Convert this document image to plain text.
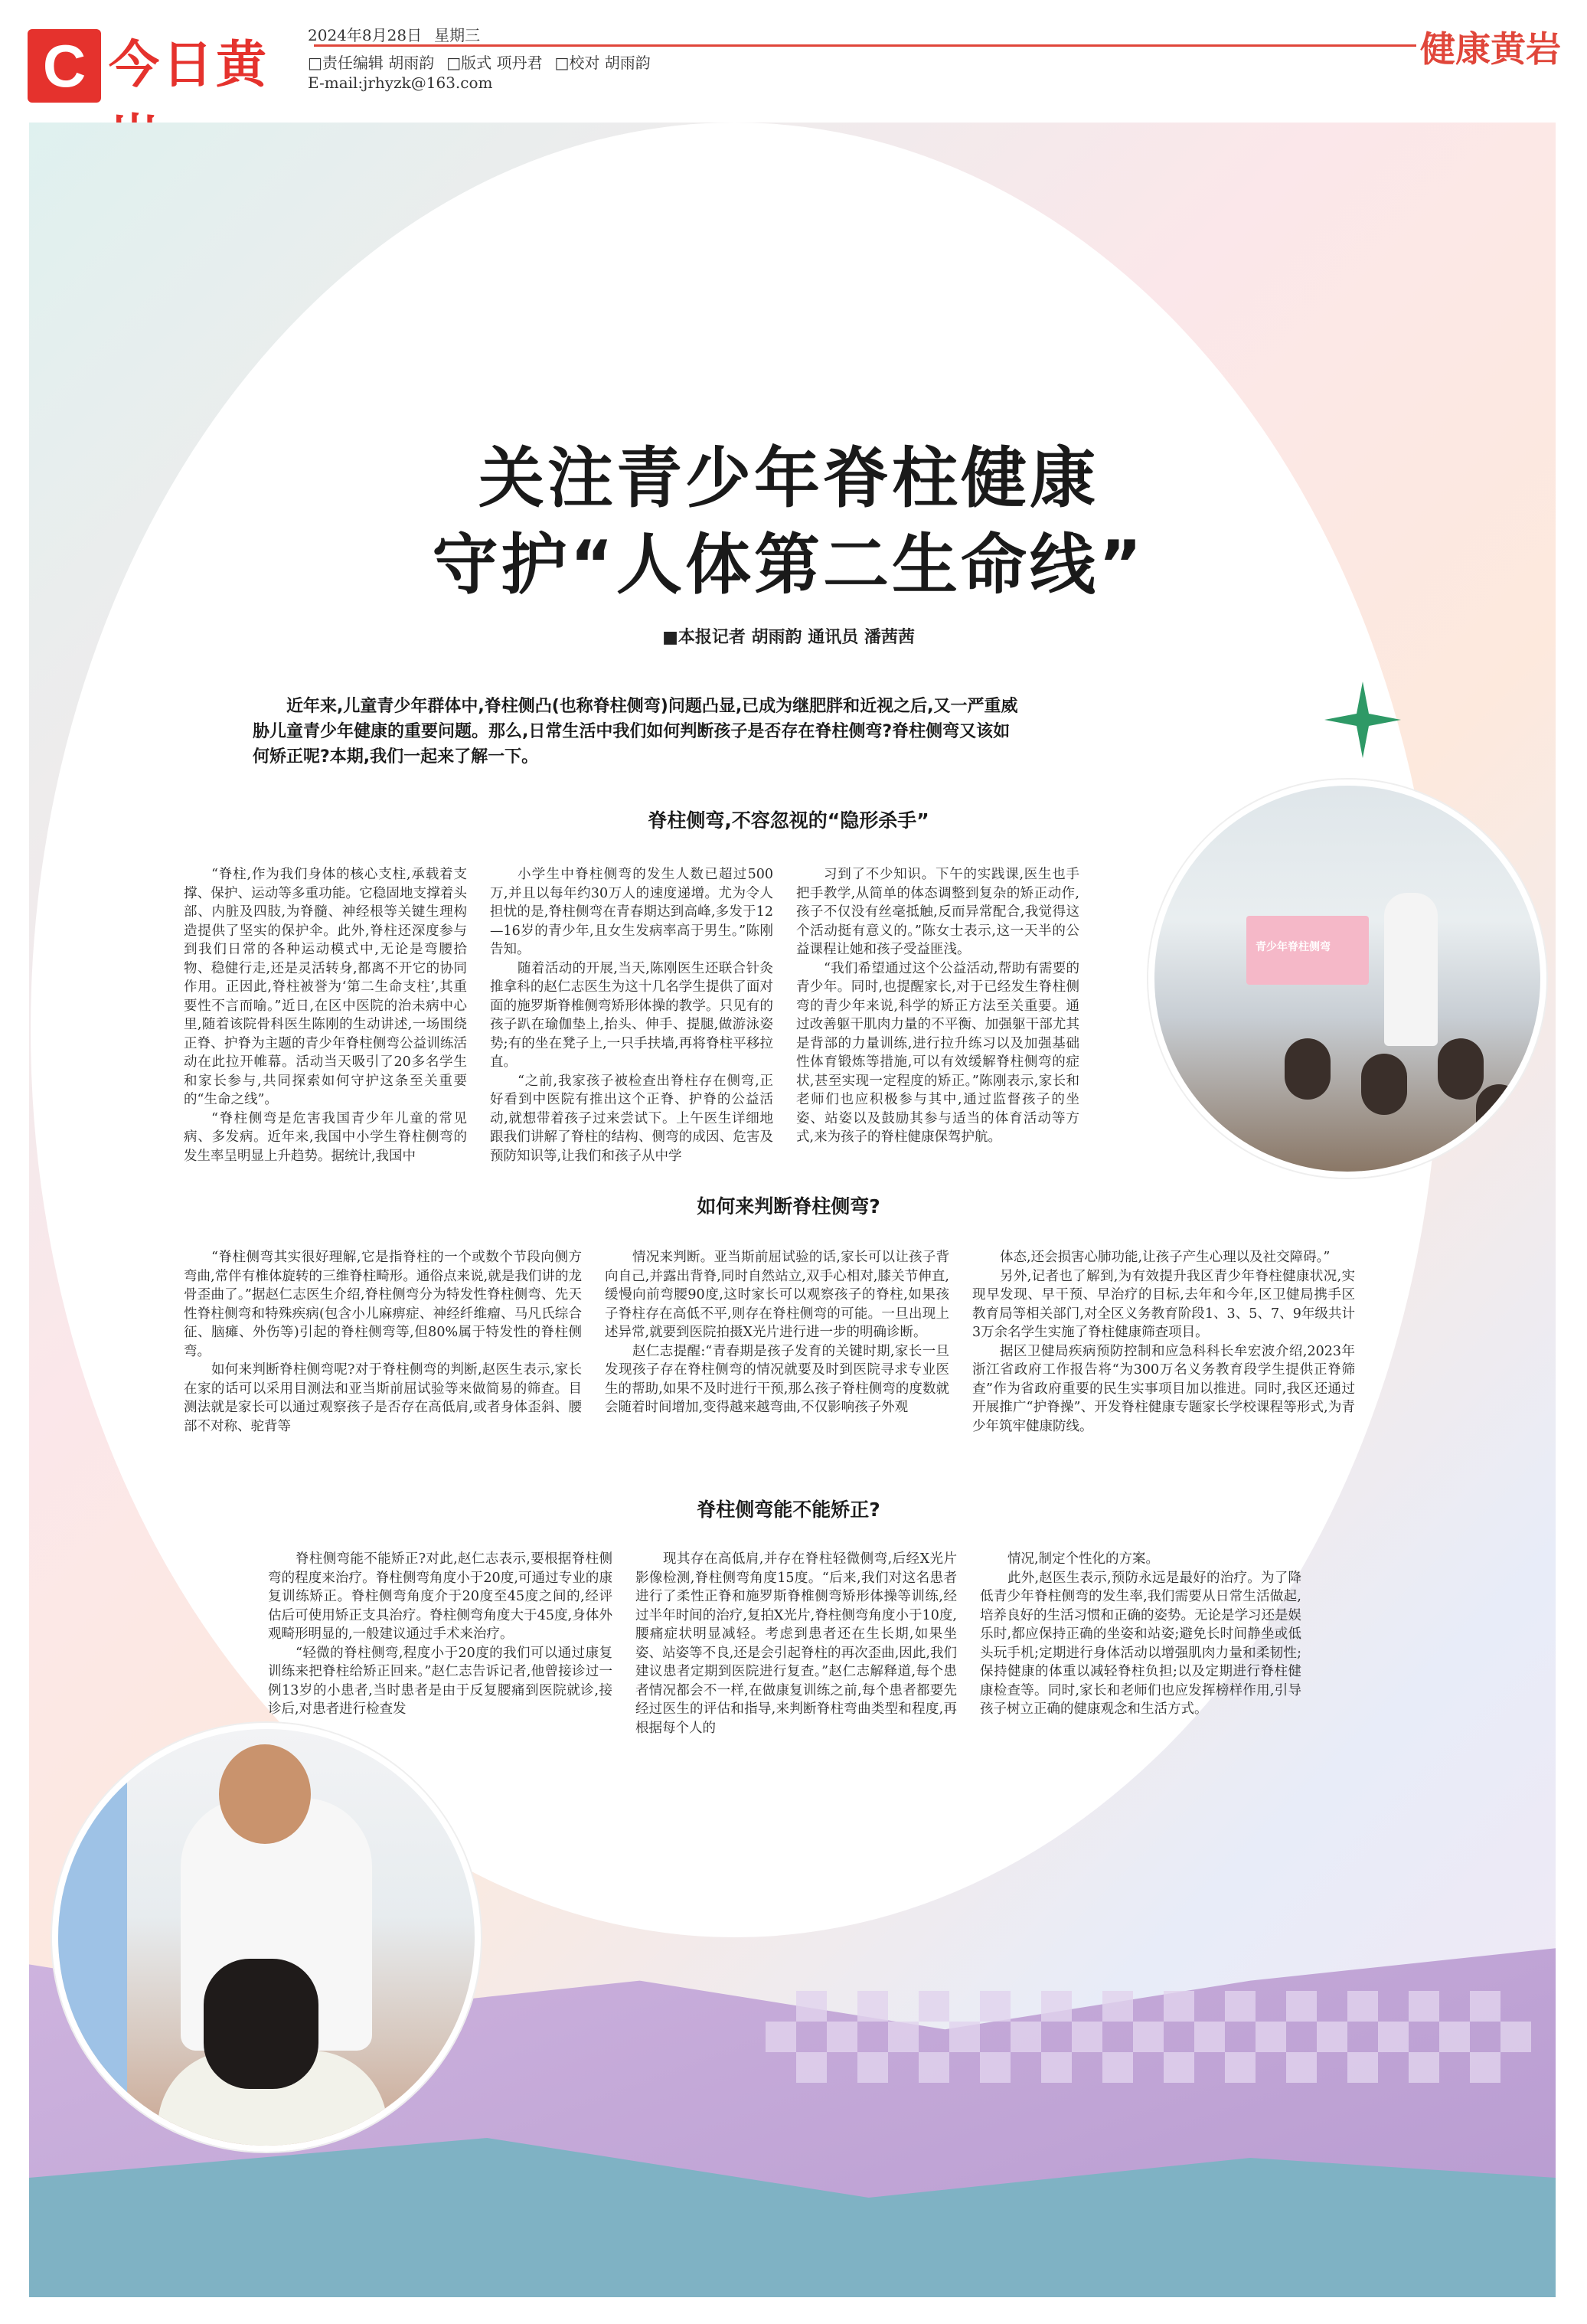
C 今日黄	2024年8月28日 星期三
□责任编辑 胡雨韵 □版式 项丹君 □校对 胡雨韵
E-mail:jrhyzk@163.com
健康黄岩
关注青少年脊柱健康
守护“人体第二生命线”
■本报记者 胡雨韵 通讯员 潘茜茜
近年来,儿童青少年群体中,脊柱侧凸(也称脊柱侧弯)问题凸显,已成为继肥胖和近视之后,又一严重威胁儿童青少年健康的重要问题。那么,日常生活中我们如何判断孩子是否存在脊柱侧弯?脊柱侧弯又该如何矫正呢?本期,我们一起来了解一下。
脊柱侧弯,不容忽视的“隐形杀手”

“脊柱,作为我们身体的核心支柱,承载着支撑、保护、运动等多重功能。它稳固地支撑着头部、内脏及四肢,为脊髓、神经根等关键生理构造提供了坚实的保护伞。此外,脊柱还深度参与到我们日常的各种运动模式中,无论是弯腰拾物、稳健行走,还是灵活转身,都离不开它的协同作用。正因此,脊柱被誉为‘第二生命支柱’,其重要性不言而喻。”近日,在区中医院的治未病中心里,随着该院骨科医生陈刚的生动讲述,一场围绕正脊、护脊为主题的青少年脊柱侧弯公益训练活动在此拉开帷幕。活动当天吸引了20多名学生和家长参与,共同探索如何守护这条至关重要的“生命之线”。

“脊柱侧弯是危害我国青少年儿童的常见病、多发病。近年来,我国中小学生脊柱侧弯的发生率呈明显上升趋势。据统计,我国中

小学生中脊柱侧弯的发生人数已超过500万,并且以每年约30万人的速度递增。尤为令人担忧的是,脊柱侧弯在青春期达到高峰,多发于12—16岁的青少年,且女生发病率高于男生。”陈刚告知。

随着活动的开展,当天,陈刚医生还联合针灸推拿科的赵仁志医生为这十几名学生提供了面对面的施罗斯脊椎侧弯矫形体操的教学。只见有的孩子趴在瑜伽垫上,抬头、伸手、提腿,做游泳姿势;有的坐在凳子上,一只手扶墙,再将脊柱平移拉直。

“之前,我家孩子被检查出脊柱存在侧弯,正好看到中医院有推出这个正脊、护脊的公益活动,就想带着孩子过来尝试下。上午医生详细地跟我们讲解了脊柱的结构、侧弯的成因、危害及预防知识等,让我们和孩子从中学

习到了不少知识。下午的实践课,医生也手把手教学,从简单的体态调整到复杂的矫正动作,孩子不仅没有丝毫抵触,反而异常配合,我觉得这个活动挺有意义的。”陈女士表示,这一天半的公益课程让她和孩子受益匪浅。

“我们希望通过这个公益活动,帮助有需要的青少年。同时,也提醒家长,对于已经发生脊柱侧弯的青少年来说,科学的矫正方法至关重要。通过改善躯干肌肉力量的不平衡、加强躯干部尤其是背部的力量训练,进行拉升练习以及加强基础性体育锻炼等措施,可以有效缓解脊柱侧弯的症状,甚至实现一定程度的矫正。”陈刚表示,家长和老师们也应积极参与其中,通过监督孩子的坐姿、站姿以及鼓励其参与适当的体育活动等方式,来为孩子的脊柱健康保驾护航。

青少年脊柱侧弯
如何来判断脊柱侧弯?

“脊柱侧弯其实很好理解,它是指脊柱的一个或数个节段向侧方弯曲,常伴有椎体旋转的三维脊柱畸形。通俗点来说,就是我们讲的龙骨歪曲了。”据赵仁志医生介绍,脊柱侧弯分为特发性脊柱侧弯、先天性脊柱侧弯和特殊疾病(包含小儿麻痹症、神经纤维瘤、马凡氏综合征、脑瘫、外伤等)引起的脊柱侧弯等,但80%属于特发性的脊柱侧弯。

如何来判断脊柱侧弯呢?对于脊柱侧弯的判断,赵医生表示,家长在家的话可以采用目测法和亚当斯前屈试验等来做简易的筛查。目测法就是家长可以通过观察孩子是否存在高低肩,或者身体歪斜、腰部不对称、驼背等

情况来判断。亚当斯前屈试验的话,家长可以让孩子背向自己,并露出背脊,同时自然站立,双手心相对,膝关节伸直,缓慢向前弯腰90度,这时家长可以观察孩子的脊柱,如果孩子脊柱存在高低不平,则存在脊柱侧弯的可能。一旦出现上述异常,就要到医院拍摄X光片进行进一步的明确诊断。

赵仁志提醒:“青春期是孩子发育的关键时期,家长一旦发现孩子存在脊柱侧弯的情况就要及时到医院寻求专业医生的帮助,如果不及时进行干预,那么孩子脊柱侧弯的度数就会随着时间增加,变得越来越弯曲,不仅影响孩子外观

体态,还会损害心肺功能,让孩子产生心理以及社交障碍。”

另外,记者也了解到,为有效提升我区青少年脊柱健康状况,实现早发现、早干预、早治疗的目标,去年和今年,区卫健局携手区教育局等相关部门,对全区义务教育阶段1、3、5、7、9年级共计3万余名学生实施了脊柱健康筛查项目。

据区卫健局疾病预防控制和应急科科长牟宏波介绍,2023年浙江省政府工作报告将“为300万名义务教育段学生提供正脊筛查”作为省政府重要的民生实事项目加以推进。同时,我区还通过开展推广“护脊操”、开发脊柱健康专题家长学校课程等形式,为青少年筑牢健康防线。

脊柱侧弯能不能矫正?

脊柱侧弯能不能矫正?对此,赵仁志表示,要根据脊柱侧弯的程度来治疗。脊柱侧弯角度小于20度,可通过专业的康复训练矫正。脊柱侧弯角度介于20度至45度之间的,经评估后可使用矫正支具治疗。脊柱侧弯角度大于45度,身体外观畸形明显的,一般建议通过手术来治疗。

“轻微的脊柱侧弯,程度小于20度的我们可以通过康复训练来把脊柱给矫正回来。”赵仁志告诉记者,他曾接诊过一例13岁的小患者,当时患者是由于反复腰痛到医院就诊,接诊后,对患者进行检查发

现其存在高低肩,并存在脊柱轻微侧弯,后经X光片影像检测,脊柱侧弯角度15度。“后来,我们对这名患者进行了柔性正脊和施罗斯脊椎侧弯矫形体操等训练,经过半年时间的治疗,复拍X光片,脊柱侧弯角度小于10度,腰痛症状明显减轻。考虑到患者还在生长期,如果坐姿、站姿等不良,还是会引起脊柱的再次歪曲,因此,我们建议患者定期到医院进行复查。”赵仁志解释道,每个患者情况都会不一样,在做康复训练之前,每个患者都要先经过医生的评估和指导,来判断脊柱弯曲类型和程度,再根据每个人的

情况,制定个性化的方案。

此外,赵医生表示,预防永远是最好的治疗。为了降低青少年脊柱侧弯的发生率,我们需要从日常生活做起,培养良好的生活习惯和正确的姿势。无论是学习还是娱乐时,都应保持正确的坐姿和站姿;避免长时间静坐或低头玩手机;定期进行身体活动以增强肌肉力量和柔韧性;保持健康的体重以减轻脊柱负担;以及定期进行脊柱健康检查等。同时,家长和老师们也应发挥榜样作用,引导孩子树立正确的健康观念和生活方式。
